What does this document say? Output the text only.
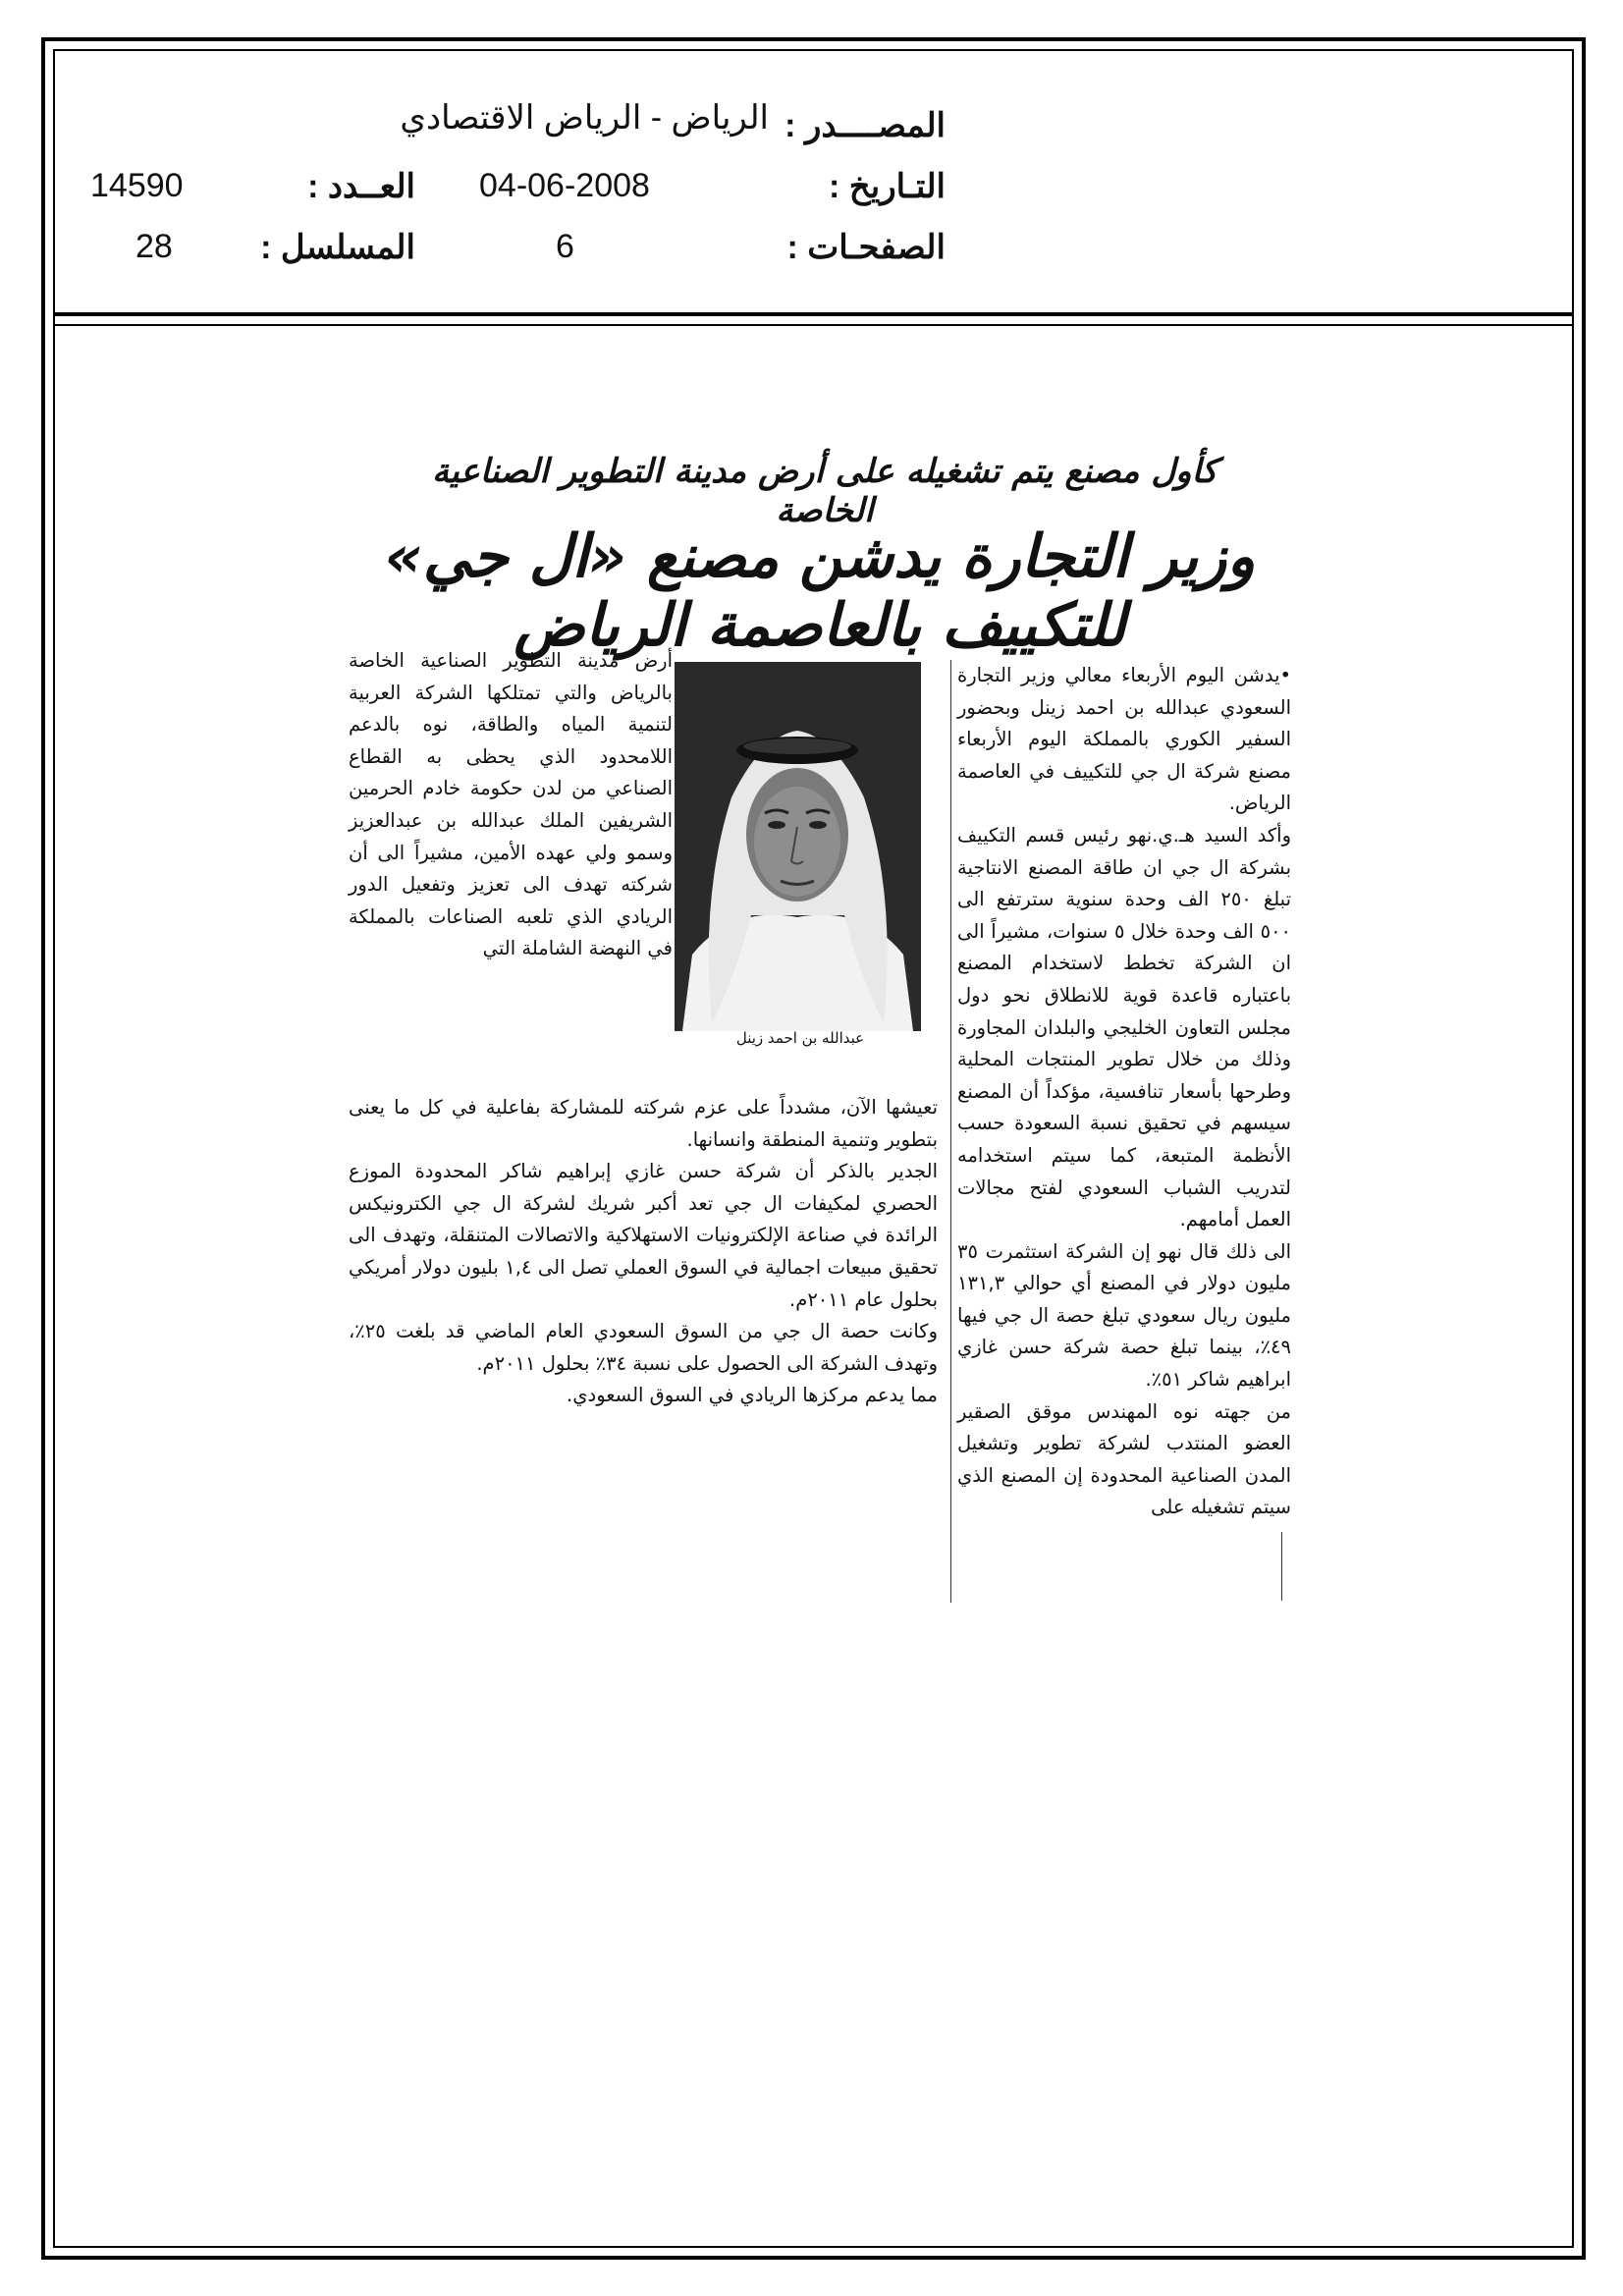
المصــــدر :
الرياض - الرياض الاقتصادي
التـاريخ :
04-06-2008
العــدد :
14590
الصفحـات :
6
المسلسل :
28
كأول مصنع يتم تشغيله على أرض مدينة التطوير الصناعية الخاصة
وزير التجارة يدشن مصنع «ال جي» للتكييف بالعاصمة الرياض
•يدشن اليوم الأربعاء معالي وزير التجارة السعودي عبدالله بن احمد زينل وبحضور السفير الكوري بالمملكة اليوم الأربعاء مصنع شركة ال جي للتكييف في العاصمة الرياض.
وأكد السيد هـ.ي.نهو رئيس قسم التكييف بشركة ال جي ان طاقة المصنع الانتاجية تبلغ ٢٥٠ الف وحدة سنوية سترتفع الى ٥٠٠ الف وحدة خلال ٥ سنوات، مشيراً الى ان الشركة تخطط لاستخدام المصنع باعتباره قاعدة قوية للانطلاق نحو دول مجلس التعاون الخليجي والبلدان المجاورة وذلك من خلال تطوير المنتجات المحلية وطرحها بأسعار تنافسية، مؤكداً أن المصنع سيسهم في تحقيق نسبة السعودة حسب الأنظمة المتبعة، كما سيتم استخدامه لتدريب الشباب السعودي لفتح مجالات العمل أمامهم.
الى ذلك قال نهو إن الشركة استثمرت ٣٥ مليون دولار في المصنع أي حوالي ١٣١,٣ مليون ريال سعودي تبلغ حصة ال جي فيها ٤٩٪، بينما تبلغ حصة شركة حسن غازي ابراهيم شاكر ٥١٪.
من جهته نوه المهندس موقق الصقير العضو المنتدب لشركة تطوير وتشغيل المدن الصناعية المحدودة إن المصنع الذي سيتم تشغيله على
عبدالله بن احمد زينل
أرض مدينة التطوير الصناعية الخاصة بالرياض والتي تمتلكها الشركة العربية لتنمية المياه والطاقة، نوه بالدعم اللامحدود الذي يحظى به القطاع الصناعي من لدن حكومة خادم الحرمين الشريفين الملك عبدالله بن عبدالعزيز وسمو ولي عهده الأمين، مشيراً الى أن شركته تهدف الى تعزيز وتفعيل الدور الريادي الذي تلعبه الصناعات بالمملكة في النهضة الشاملة التي
تعيشها الآن، مشدداً على عزم شركته للمشاركة بفاعلية في كل ما يعنى بتطوير وتنمية المنطقة وانسانها.
الجدير بالذكر أن شركة حسن غازي إبراهيم شاكر المحدودة الموزع الحصري لمكيفات ال جي تعد أكبر شريك لشركة ال جي الكترونيكس الرائدة في صناعة الإلكترونيات الاستهلاكية والاتصالات المتنقلة، وتهدف الى تحقيق مبيعات اجمالية في السوق العملي تصل الى ١,٤ بليون دولار أمريكي بحلول عام ٢٠١١م.
وكانت حصة ال جي من السوق السعودي العام الماضي قد بلغت ٢٥٪، وتهدف الشركة الى الحصول على نسبة ٣٤٪ بحلول ٢٠١١م.
مما يدعم مركزها الريادي في السوق السعودي.
